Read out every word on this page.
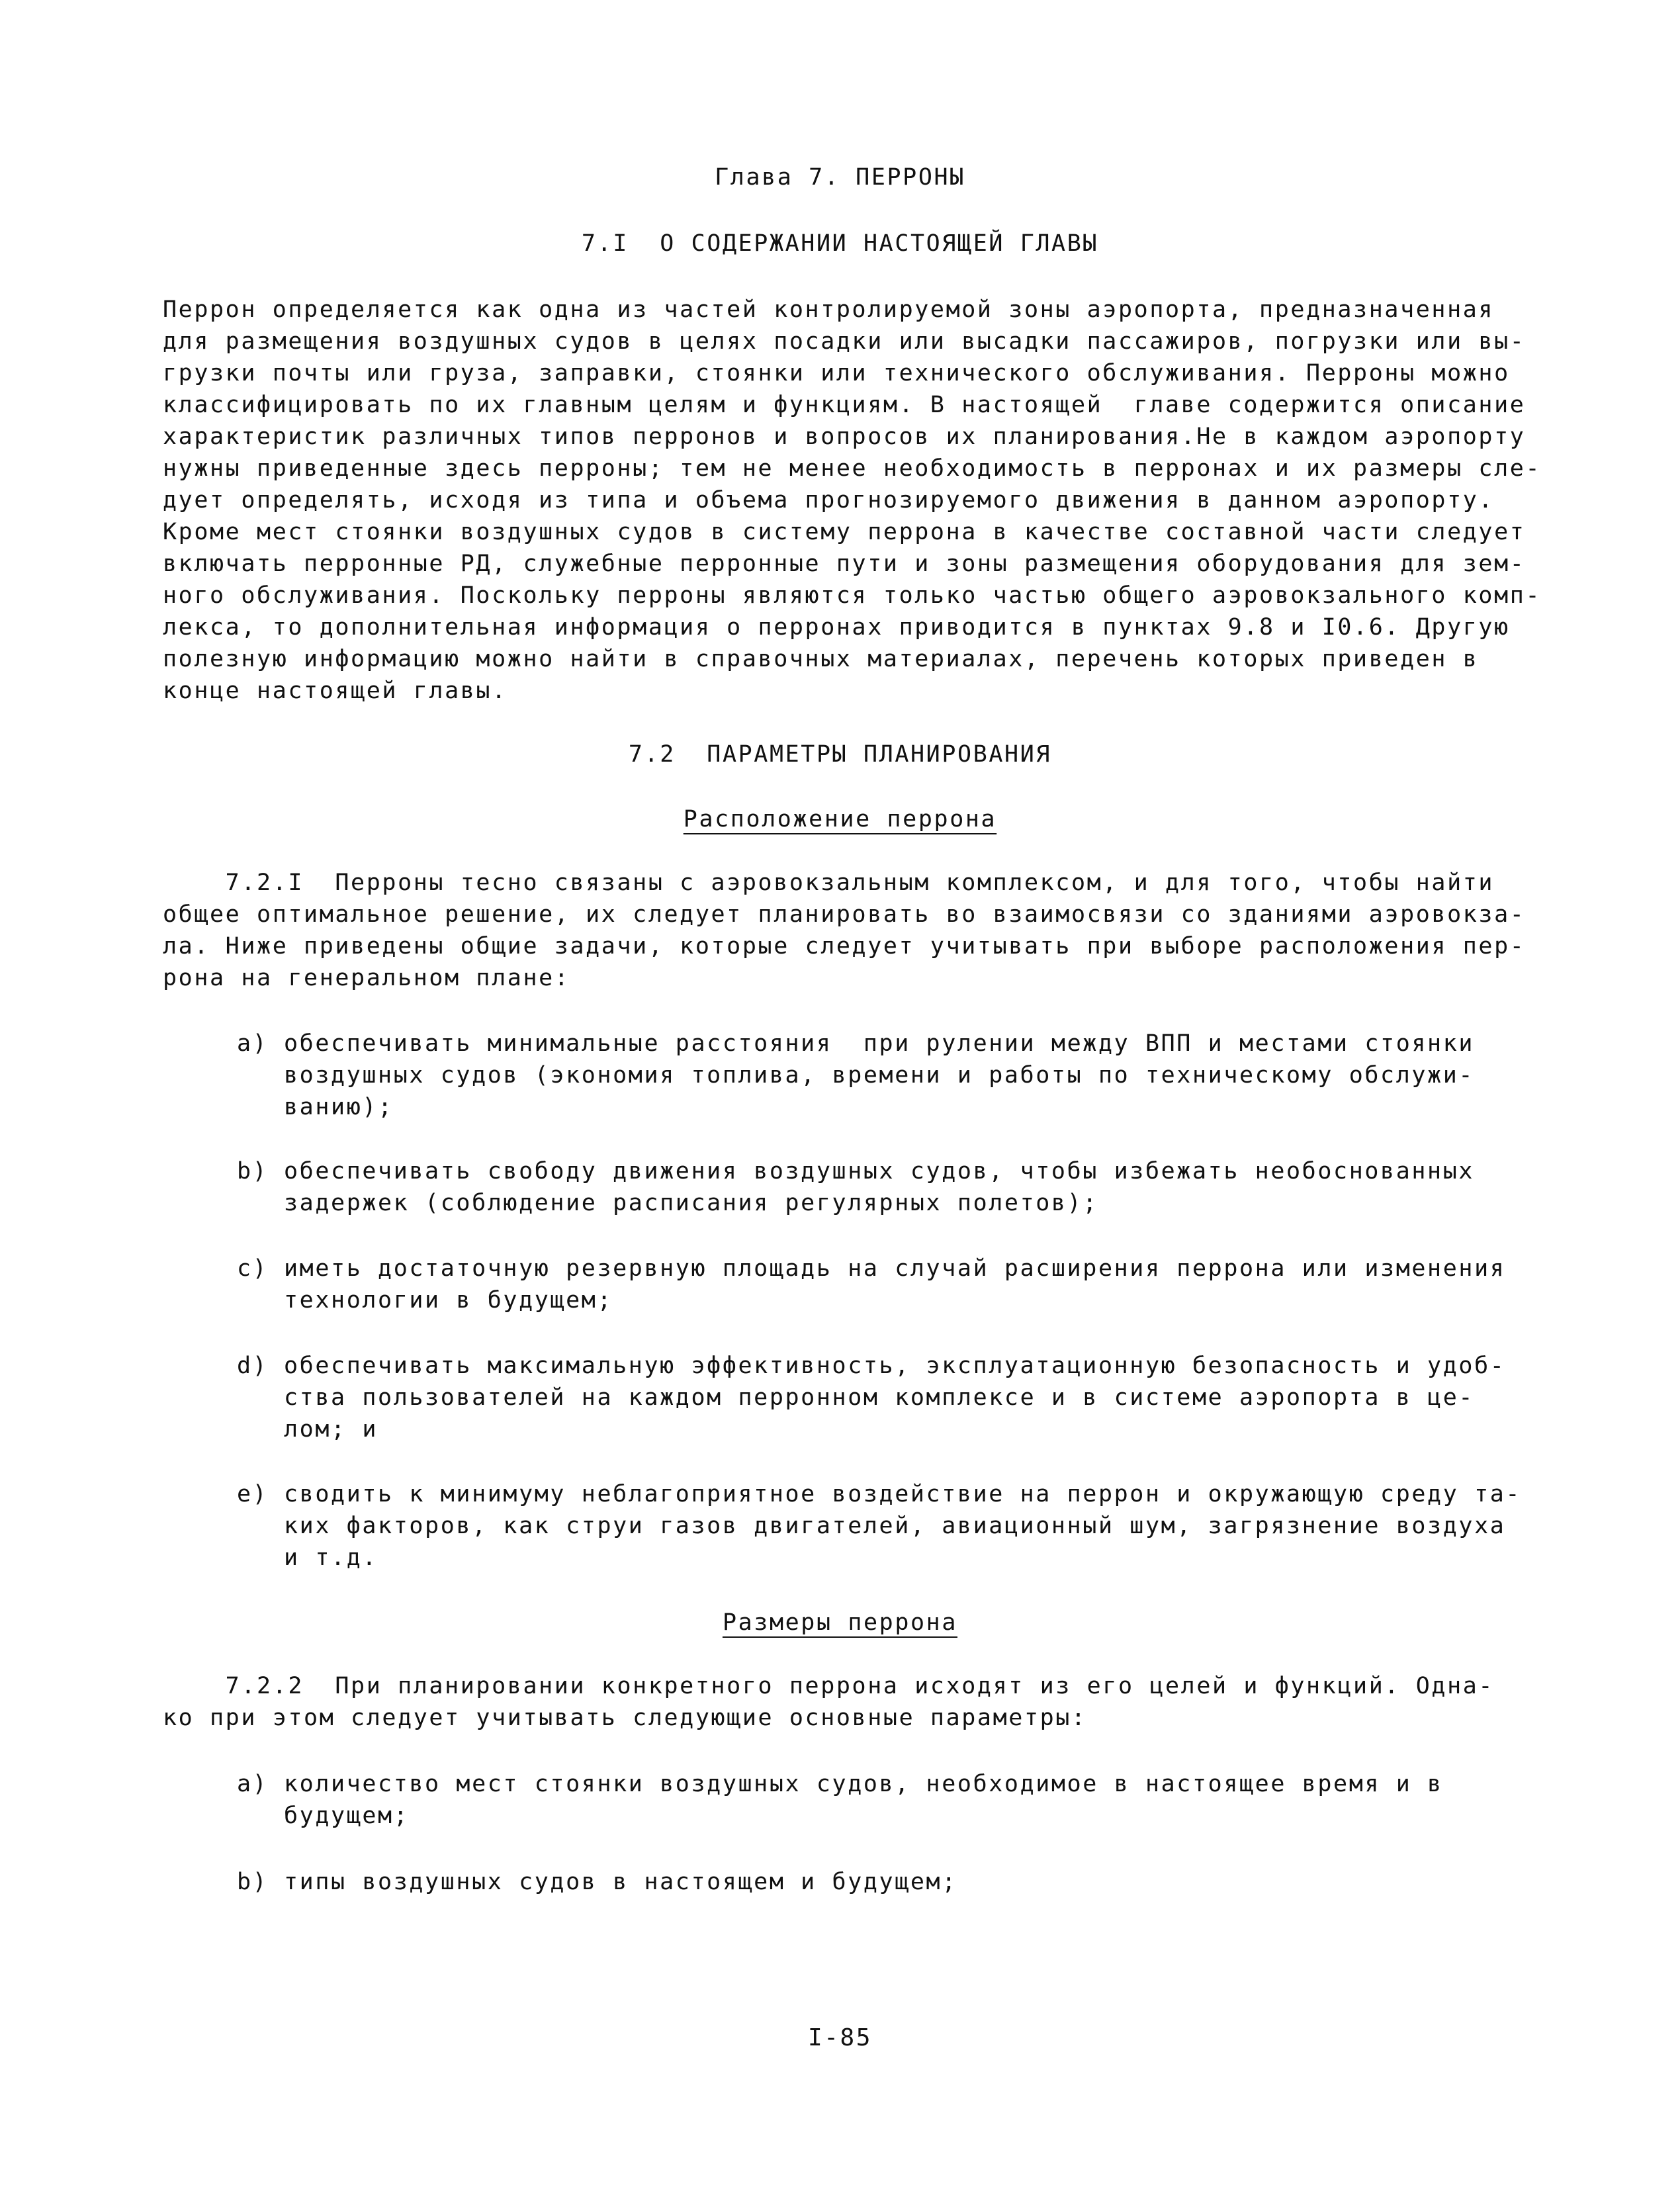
Глава 7. ПЕРРОНЫ
7.I  О СОДЕРЖАНИИ НАСТОЯЩЕЙ ГЛАВЫ
Перрон определяется как одна из частей контролируемой зоны аэропорта, предназначенная
для размещения воздушных судов в целях посадки или высадки пассажиров, погрузки или вы-
грузки почты или груза, заправки, стоянки или технического обслуживания. Перроны можно
классифицировать по их главным целям и функциям. В настоящей  главе содержится описание
характеристик различных типов перронов и вопросов их планирования.Не в каждом аэропорту
нужны приведенные здесь перроны; тем не менее необходимость в перронах и их размеры сле-
дует определять, исходя из типа и объема прогнозируемого движения в данном аэропорту.
Кроме мест стоянки воздушных судов в систему перрона в качестве составной части следует
включать перронные РД, служебные перронные пути и зоны размещения оборудования для зем-
ного обслуживания. Поскольку перроны являются только частью общего аэровокзального комп-
лекса, то дополнительная информация о перронах приводится в пунктах 9.8 и I0.6. Другую
полезную информацию можно найти в справочных материалах, перечень которых приведен в
конце настоящей главы.
7.2  ПАРАМЕТРЫ ПЛАНИРОВАНИЯ
Расположение перрона
7.2.I  Перроны тесно связаны с аэровокзальным комплексом, и для того, чтобы найти
общее оптимальное решение, их следует планировать во взаимосвязи со зданиями аэровокза-
ла. Ниже приведены общие задачи, которые следует учитывать при выборе расположения пер-
рона на генеральном плане:
a) обеспечивать минимальные расстояния  при рулении между ВПП и местами стоянки
воздушных судов (экономия топлива, времени и работы по техническому обслужи-
ванию);
b) обеспечивать свободу движения воздушных судов, чтобы избежать необоснованных
задержек (соблюдение расписания регулярных полетов);
c) иметь достаточную резервную площадь на случай расширения перрона или изменения
технологии в будущем;
d) обеспечивать максимальную эффективность, эксплуатационную безопасность и удоб-
ства пользователей на каждом перронном комплексе и в системе аэропорта в це-
лом; и
e) сводить к минимуму неблагоприятное воздействие на перрон и окружающую среду та-
ких факторов, как струи газов двигателей, авиационный шум, загрязнение воздуха
и т.д.
Размеры перрона
7.2.2  При планировании конкретного перрона исходят из его целей и функций. Одна-
ко при этом следует учитывать следующие основные параметры:
a) количество мест стоянки воздушных судов, необходимое в настоящее время и в
будущем;
b) типы воздушных судов в настоящем и будущем;
I-85
